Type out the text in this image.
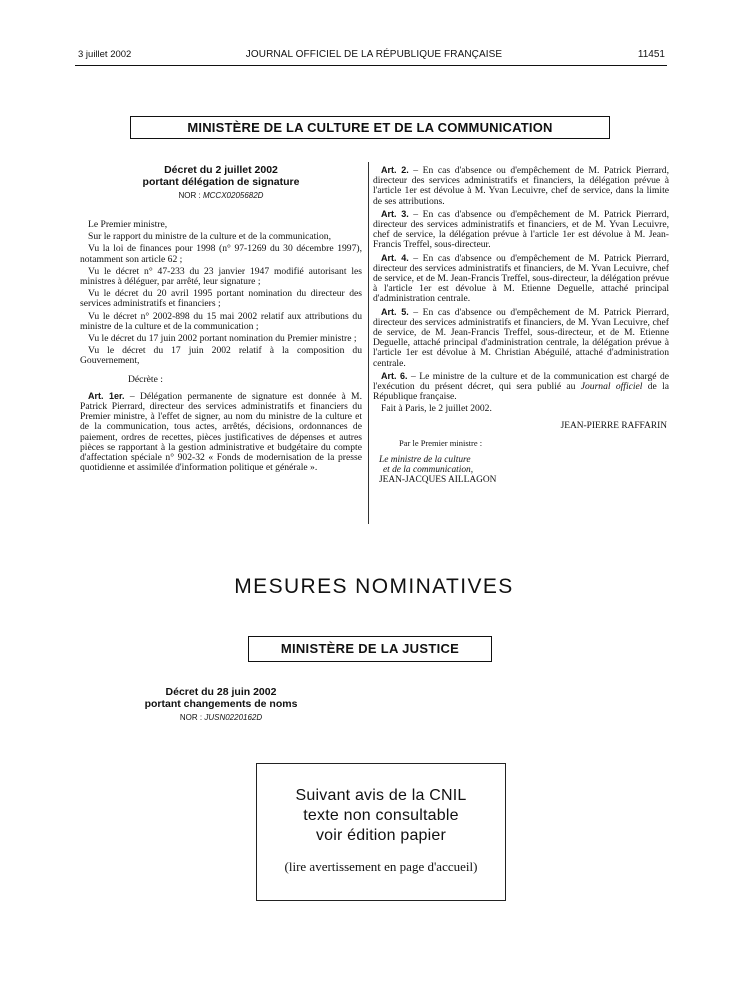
3 juillet 2002	JOURNAL OFFICIEL DE LA RÉPUBLIQUE FRANÇAISE	11451
MINISTÈRE DE LA CULTURE ET DE LA COMMUNICATION
Décret du 2 juillet 2002
portant délégation de signature
NOR : MCCX0205682D

Le Premier ministre,

Sur le rapport du ministre de la culture et de la communication,

Vu la loi de finances pour 1998 (n° 97-1269 du 30 décembre 1997), notamment son article 62 ;

Vu le décret n° 47-233 du 23 janvier 1947 modifié autorisant les ministres à déléguer, par arrêté, leur signature ;

Vu le décret du 20 avril 1995 portant nomination du directeur des services administratifs et financiers ;

Vu le décret n° 2002-898 du 15 mai 2002 relatif aux attributions du ministre de la culture et de la communication ;

Vu le décret du 17 juin 2002 portant nomination du Premier ministre ;

Vu le décret du 17 juin 2002 relatif à la composition du Gouvernement,

Décrète :

Art. 1er. – Délégation permanente de signature est donnée à M. Patrick Pierrard, directeur des services administratifs et financiers du Premier ministre, à l'effet de signer, au nom du ministre de la culture et de la communication, tous actes, arrêtés, décisions, ordonnances de paiement, ordres de recettes, pièces justificatives de dépenses et autres pièces se rapportant à la gestion administrative et budgétaire du compte d'affectation spéciale n° 902-32 « Fonds de modernisation de la presse quotidienne et assimilée d'information politique et générale ».

Art. 2. – En cas d'absence ou d'empêchement de M. Patrick Pierrard, directeur des services administratifs et financiers, la délégation prévue à l'article 1er est dévolue à M. Yvan Lecuivre, chef de service, dans la limite de ses attributions.

Art. 3. – En cas d'absence ou d'empêchement de M. Patrick Pierrard, directeur des services administratifs et financiers, et de M. Yvan Lecuivre, chef de service, la délégation prévue à l'article 1er est dévolue à M. Jean-Francis Treffel, sous-directeur.

Art. 4. – En cas d'absence ou d'empêchement de M. Patrick Pierrard, directeur des services administratifs et financiers, de M. Yvan Lecuivre, chef de service, et de M. Jean-Francis Treffel, sous-directeur, la délégation prévue à l'article 1er est dévolue à M. Etienne Deguelle, attaché principal d'administration centrale.

Art. 5. – En cas d'absence ou d'empêchement de M. Patrick Pierrard, directeur des services administratifs et financiers, de M. Yvan Lecuivre, chef de service, de M. Jean-Francis Treffel, sous-directeur, et de M. Etienne Deguelle, attaché principal d'administration centrale, la délégation prévue à l'article 1er est dévolue à M. Christian Abéguilé, attaché d'administration centrale.

Art. 6. – Le ministre de la culture et de la communication est chargé de l'exécution du présent décret, qui sera publié au Journal officiel de la République française.

Fait à Paris, le 2 juillet 2002.

JEAN-PIERRE RAFFARIN
Par le Premier ministre :
Le ministre de la culture
et de la communication,
JEAN-JACQUES AILLAGON
MESURES NOMINATIVES
MINISTÈRE DE LA JUSTICE
Décret du 28 juin 2002
portant changements de noms
NOR : JUSN0220162D
Suivant avis de la CNIL
texte non consultable
voir édition papier
(lire avertissement en page d'accueil)
